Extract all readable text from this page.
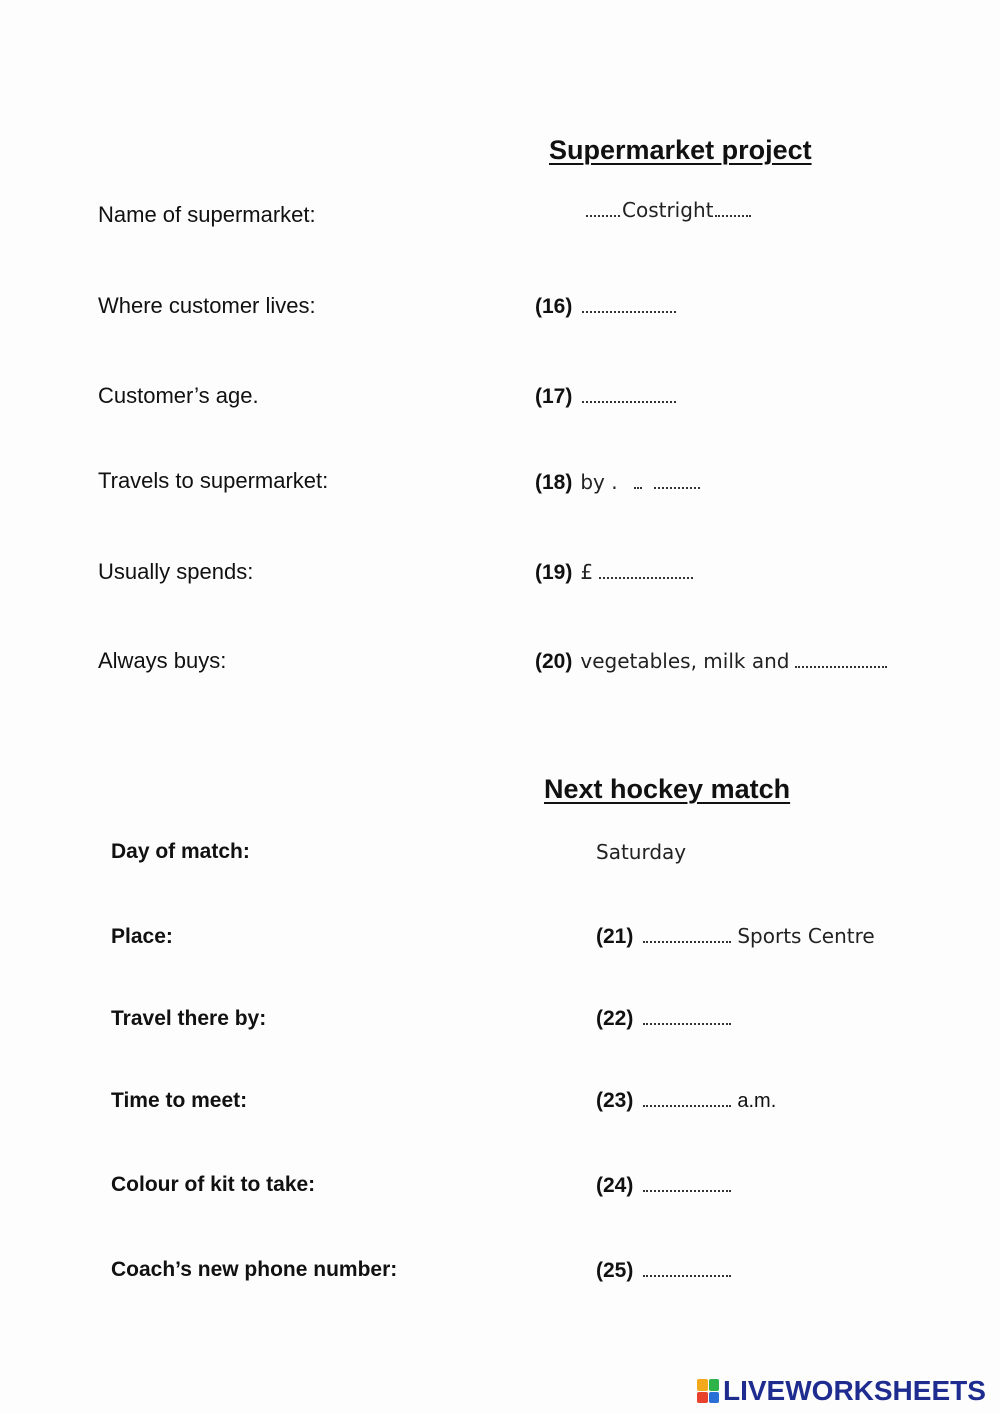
Supermarket project
Name of supermarket:	Costright
Where customer lives:	(16)
Customer’s age.	(17)
Travels to supermarket:	(18) by .
Usually spends:	(19) £
Always buys:	(20) vegetables, milk and
Next hockey match
Day of match:	Saturday
Place:	(21)	Sports Centre
Travel there by:	(22)
Time to meet:	(23)	a.m.
Colour of kit to take:	(24)
Coach’s new phone number:	(25)
LIVEWORKSHEETS
